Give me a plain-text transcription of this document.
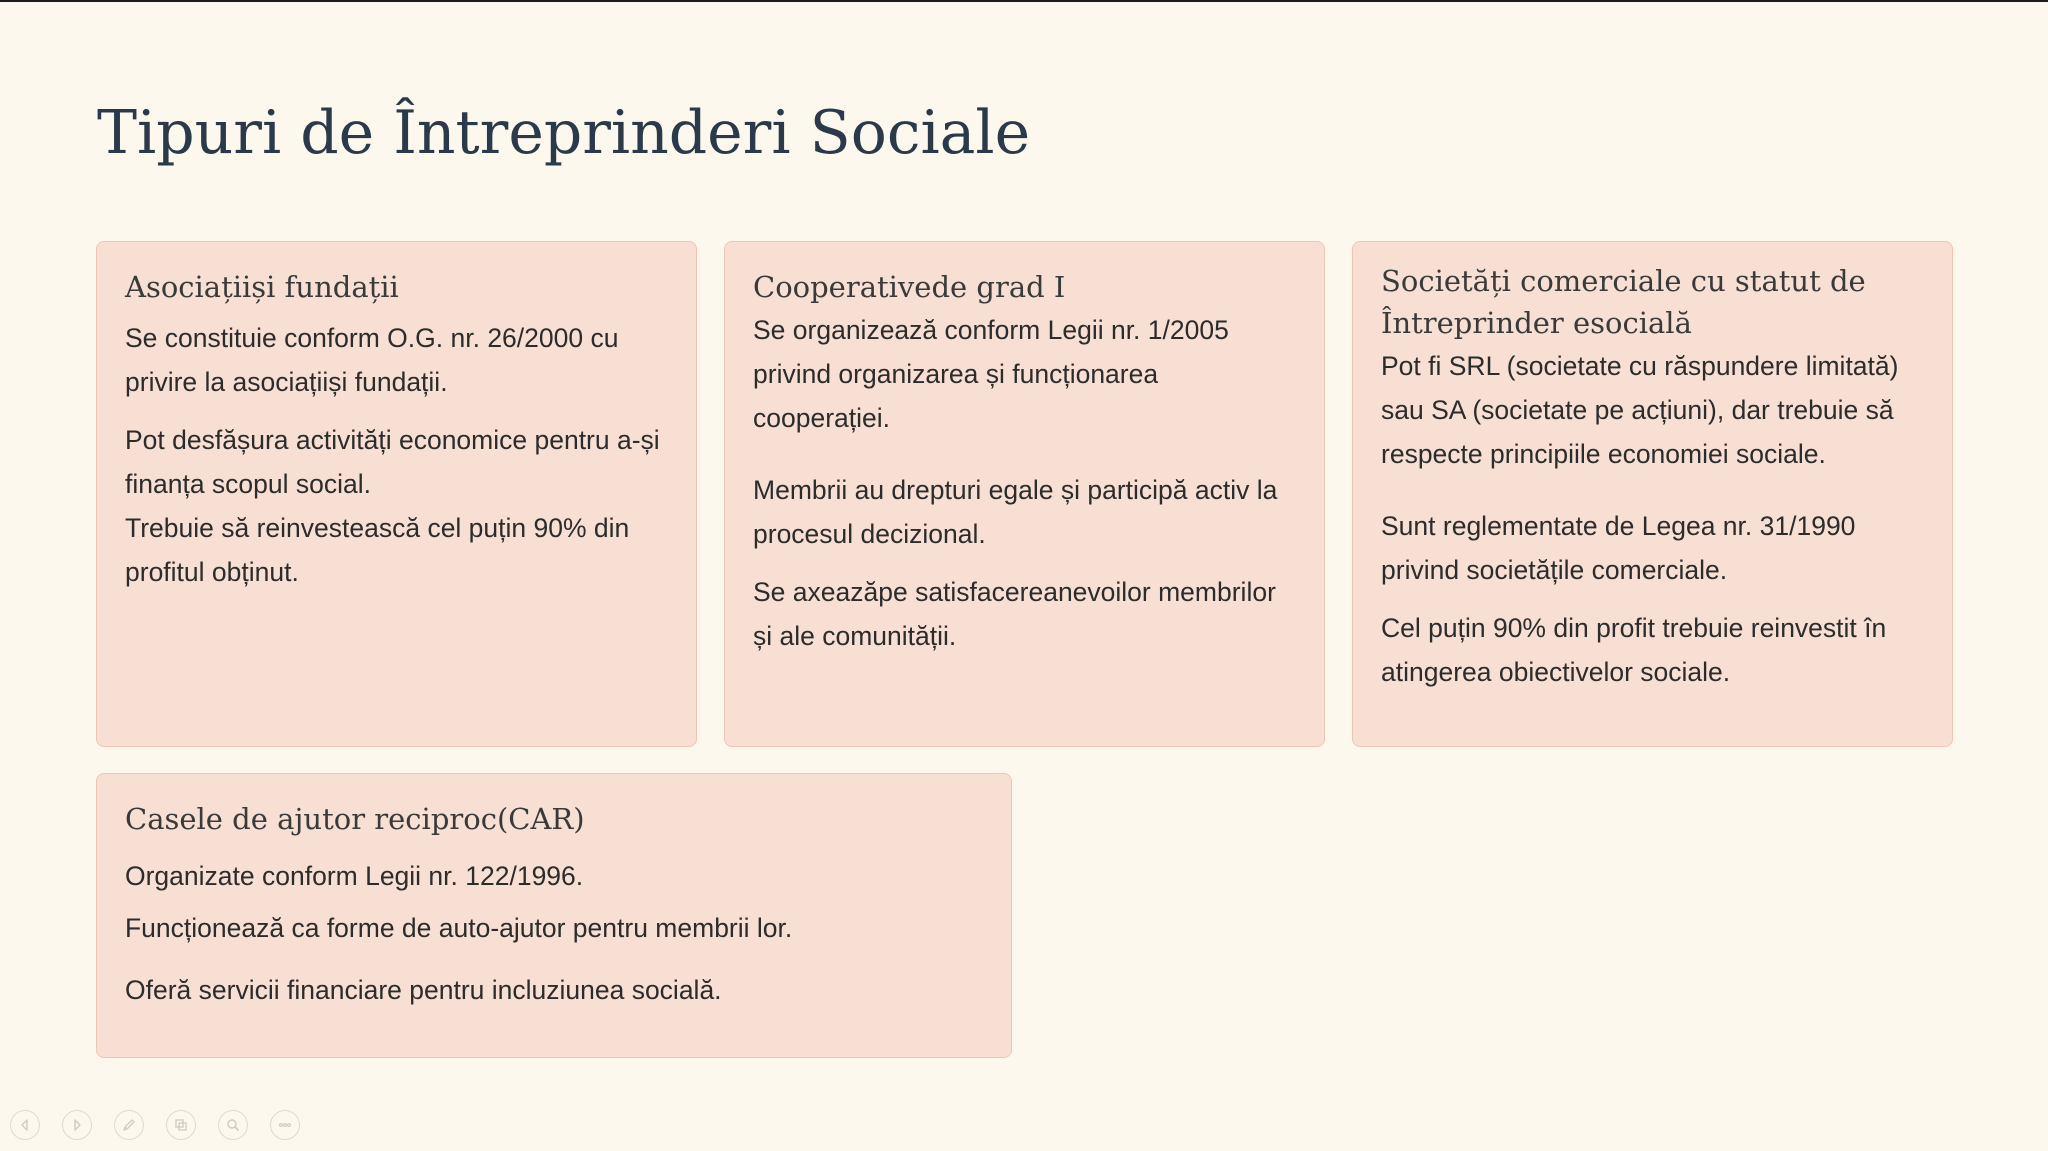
Tipuri de Întreprinderi Sociale
Asociațiiși fundații

Se constituie conform O.G. nr. 26/2000 cu privire la asociațiiși fundații.

Pot desfășura activități economice pentru a-și finanța scopul social.

Trebuie să reinvestească cel puțin 90% din profitul obținut.

Cooperativede grad I

Se organizează conform Legii nr. 1/2005 privind organizarea și funcționarea cooperației.

Membrii au drepturi egale și participă activ la procesul decizional.

Se axeazăpe satisfacereanevoilor membrilor și ale comunității.

Societăți comerciale cu statut de Întreprinder esocială

Pot fi SRL (societate cu răspundere limitată) sau SA (societate pe acțiuni), dar trebuie să respecte principiile economiei sociale.

Sunt reglementate de Legea nr. 31/1990 privind societățile comerciale.

Cel puțin 90% din profit trebuie reinvestit în atingerea obiectivelor sociale.

Casele de ajutor reciproc(CAR)

Organizate conform Legii nr. 122/1996.

Funcționează ca forme de auto-ajutor pentru membrii lor.

Oferă servicii financiare pentru incluziunea socială.
